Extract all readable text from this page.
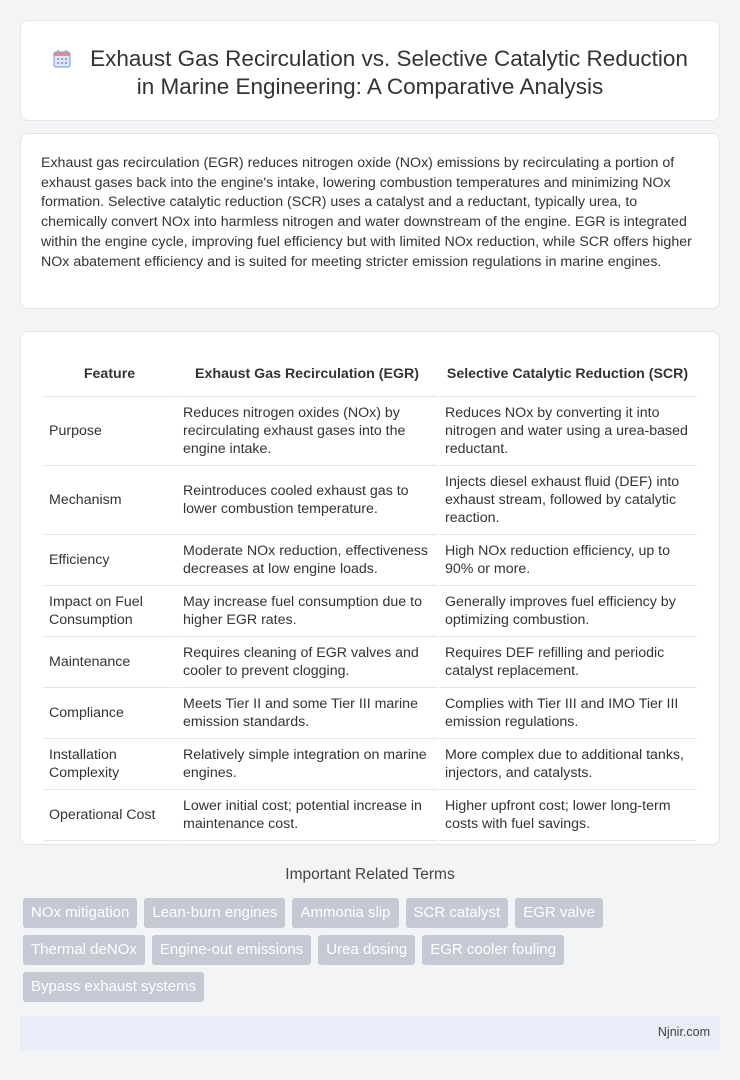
Exhaust Gas Recirculation vs. Selective Catalytic Reduction in Marine Engineering: A Comparative Analysis

Exhaust gas recirculation (EGR) reduces nitrogen oxide (NOx) emissions by recirculating a portion of exhaust gases back into the engine's intake, lowering combustion temperatures and minimizing NOx formation. Selective catalytic reduction (SCR) uses a catalyst and a reductant, typically urea, to chemically convert NOx into harmless nitrogen and water downstream of the engine. EGR is integrated within the engine cycle, improving fuel efficiency but with limited NOx reduction, while SCR offers higher NOx abatement efficiency and is suited for meeting stricter emission regulations in marine engines.

Feature	Exhaust Gas Recirculation (EGR)	Selective Catalytic Reduction (SCR)
Purpose	Reduces nitrogen oxides (NOx) by recirculating exhaust gases into the engine intake.	Reduces NOx by converting it into nitrogen and water using a urea-based reductant.
Mechanism	Reintroduces cooled exhaust gas to lower combustion temperature.	Injects diesel exhaust fluid (DEF) into exhaust stream, followed by catalytic reaction.
Efficiency	Moderate NOx reduction, effectiveness decreases at low engine loads.	High NOx reduction efficiency, up to 90% or more.
Impact on Fuel Consumption	May increase fuel consumption due to higher EGR rates.	Generally improves fuel efficiency by optimizing combustion.
Maintenance	Requires cleaning of EGR valves and cooler to prevent clogging.	Requires DEF refilling and periodic catalyst replacement.
Compliance	Meets Tier II and some Tier III marine emission standards.	Complies with Tier III and IMO Tier III emission regulations.
Installation Complexity	Relatively simple integration on marine engines.	More complex due to additional tanks, injectors, and catalysts.
Operational Cost	Lower initial cost; potential increase in maintenance cost.	Higher upfront cost; lower long-term costs with fuel savings.
Important Related Terms
NOx mitigation	Lean-burn engines	Ammonia slip	SCR catalyst	EGR valve
Thermal deNOx	Engine-out emissions	Urea dosing	EGR cooler fouling
Bypass exhaust systems
Njnir.com
